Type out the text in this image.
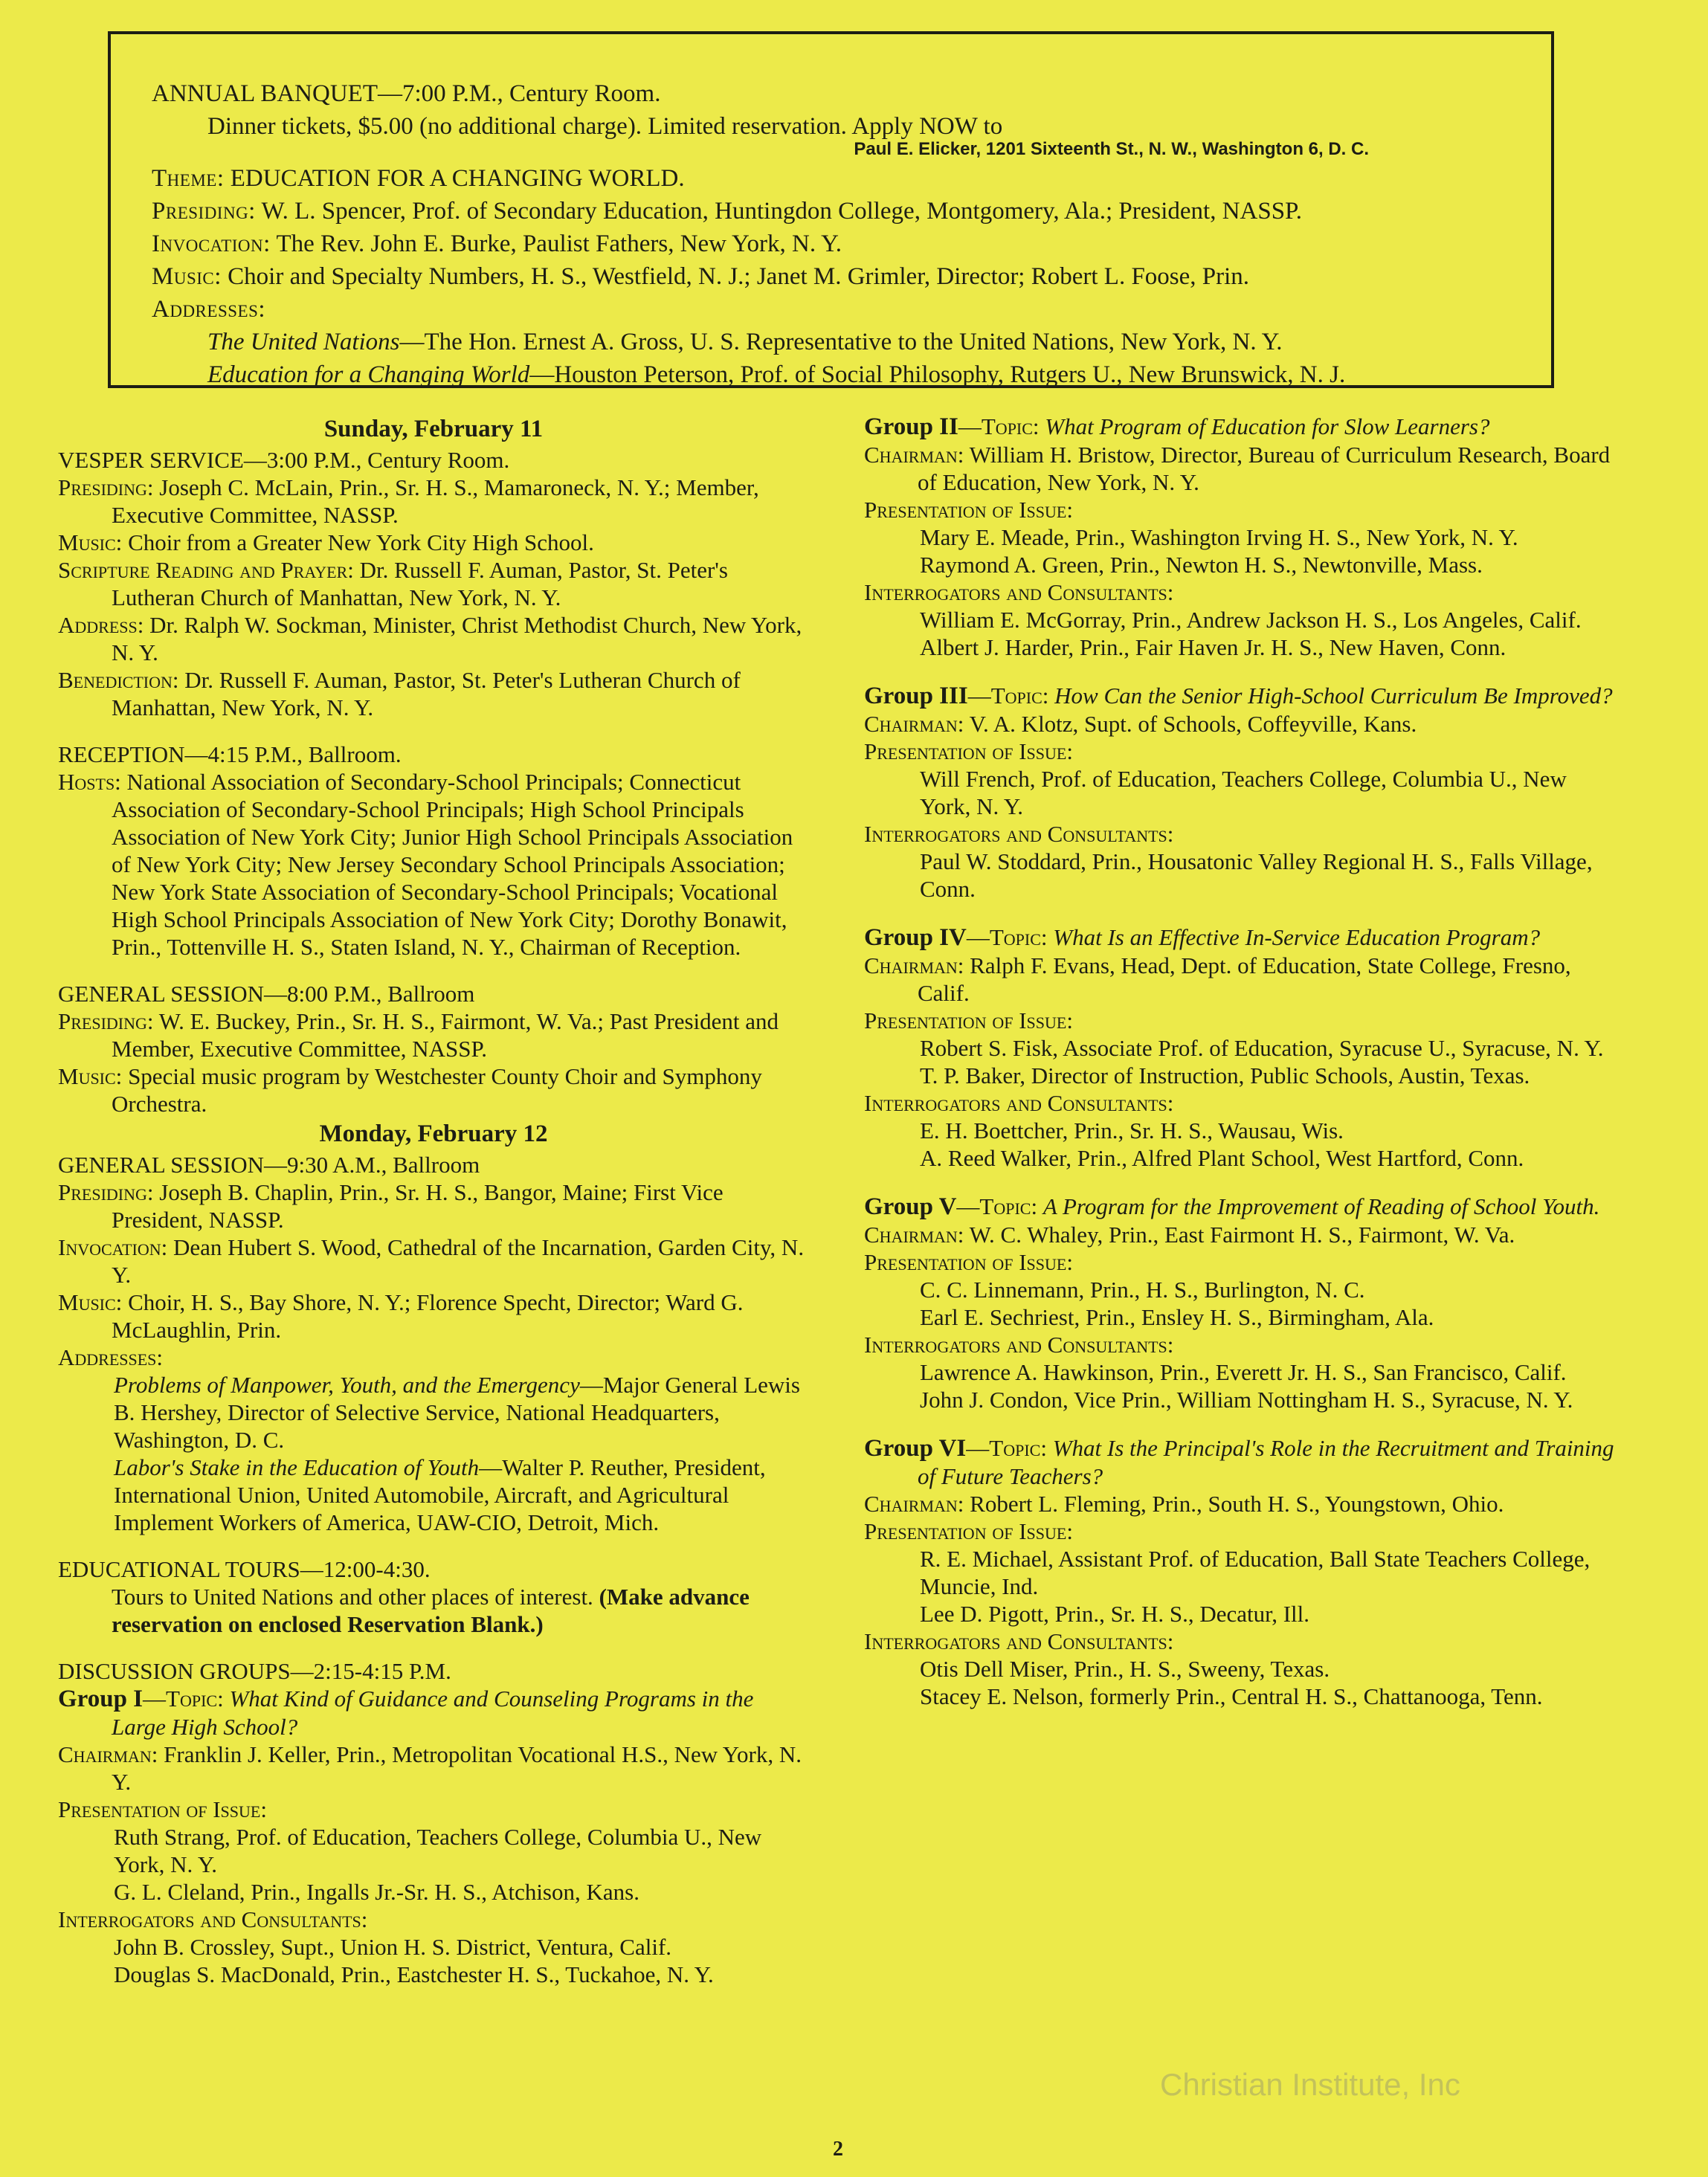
ANNUAL BANQUET—7:00 P.M., Century Room.
Dinner tickets, $5.00 (no additional charge). Limited reservation. Apply NOW to
Paul E. Elicker, 1201 Sixteenth St., N. W., Washington 6, D. C.
Theme: EDUCATION FOR A CHANGING WORLD.
Presiding: W. L. Spencer, Prof. of Secondary Education, Huntingdon College, Montgomery, Ala.; President, NASSP.
Invocation: The Rev. John E. Burke, Paulist Fathers, New York, N. Y.
Music: Choir and Specialty Numbers, H. S., Westfield, N. J.; Janet M. Grimler, Director; Robert L. Foose, Prin.
Addresses:
The United Nations—The Hon. Ernest A. Gross, U. S. Representative to the United Nations, New York, N. Y.
Education for a Changing World—Houston Peterson, Prof. of Social Philosophy, Rutgers U., New Brunswick, N. J.
Sunday, February 11
VESPER SERVICE—3:00 P.M., Century Room.
Presiding: Joseph C. McLain, Prin., Sr. H. S., Mamaroneck, N. Y.; Member, Executive Committee, NASSP.
Music: Choir from a Greater New York City High School.
Scripture Reading and Prayer: Dr. Russell F. Auman, Pastor, St. Peter's Lutheran Church of Manhattan, New York, N. Y.
Address: Dr. Ralph W. Sockman, Minister, Christ Methodist Church, New York, N. Y.
Benediction: Dr. Russell F. Auman, Pastor, St. Peter's Lutheran Church of Manhattan, New York, N. Y.
RECEPTION—4:15 P.M., Ballroom.
Hosts: National Association of Secondary-School Principals; Connecticut Association of Secondary-School Principals; High School Principals Association of New York City; Junior High School Principals Association of New York City; New Jersey Secondary School Principals Association; New York State Association of Secondary-School Principals; Vocational High School Principals Association of New York City; Dorothy Bonawit, Prin., Tottenville H. S., Staten Island, N. Y., Chairman of Reception.
GENERAL SESSION—8:00 P.M., Ballroom
Presiding: W. E. Buckey, Prin., Sr. H. S., Fairmont, W. Va.; Past President and Member, Executive Committee, NASSP.
Music: Special music program by Westchester County Choir and Symphony Orchestra.
Monday, February 12
GENERAL SESSION—9:30 A.M., Ballroom
Presiding: Joseph B. Chaplin, Prin., Sr. H. S., Bangor, Maine; First Vice President, NASSP.
Invocation: Dean Hubert S. Wood, Cathedral of the Incarnation, Garden City, N. Y.
Music: Choir, H. S., Bay Shore, N. Y.; Florence Specht, Director; Ward G. McLaughlin, Prin.
Addresses:
Problems of Manpower, Youth, and the Emergency—Major General Lewis B. Hershey, Director of Selective Service, National Headquarters, Washington, D. C.
Labor's Stake in the Education of Youth—Walter P. Reuther, President, International Union, United Automobile, Aircraft, and Agricultural Implement Workers of America, UAW-CIO, Detroit, Mich.
EDUCATIONAL TOURS—12:00-4:30.
Tours to United Nations and other places of interest. (Make advance reservation on enclosed Reservation Blank.)
DISCUSSION GROUPS—2:15-4:15 P.M.
Group I—Topic: What Kind of Guidance and Counseling Programs in the Large High School?
Chairman: Franklin J. Keller, Prin., Metropolitan Vocational H.S., New York, N. Y.
Presentation of Issue:
Ruth Strang, Prof. of Education, Teachers College, Columbia U., New York, N. Y.
G. L. Cleland, Prin., Ingalls Jr.-Sr. H. S., Atchison, Kans.
Interrogators and Consultants:
John B. Crossley, Supt., Union H. S. District, Ventura, Calif.
Douglas S. MacDonald, Prin., Eastchester H. S., Tuckahoe, N. Y.
Group II—Topic: What Program of Education for Slow Learners?
Chairman: William H. Bristow, Director, Bureau of Curriculum Research, Board of Education, New York, N. Y.
Presentation of Issue:
Mary E. Meade, Prin., Washington Irving H. S., New York, N. Y.
Raymond A. Green, Prin., Newton H. S., Newtonville, Mass.
Interrogators and Consultants:
William E. McGorray, Prin., Andrew Jackson H. S., Los Angeles, Calif.
Albert J. Harder, Prin., Fair Haven Jr. H. S., New Haven, Conn.
Group III—Topic: How Can the Senior High-School Curriculum Be Improved?
Chairman: V. A. Klotz, Supt. of Schools, Coffeyville, Kans.
Presentation of Issue:
Will French, Prof. of Education, Teachers College, Columbia U., New York, N. Y.
Interrogators and Consultants:
Paul W. Stoddard, Prin., Housatonic Valley Regional H. S., Falls Village, Conn.
Group IV—Topic: What Is an Effective In-Service Education Program?
Chairman: Ralph F. Evans, Head, Dept. of Education, State College, Fresno, Calif.
Presentation of Issue:
Robert S. Fisk, Associate Prof. of Education, Syracuse U., Syracuse, N. Y.
T. P. Baker, Director of Instruction, Public Schools, Austin, Texas.
Interrogators and Consultants:
E. H. Boettcher, Prin., Sr. H. S., Wausau, Wis.
A. Reed Walker, Prin., Alfred Plant School, West Hartford, Conn.
Group V—Topic: A Program for the Improvement of Reading of School Youth.
Chairman: W. C. Whaley, Prin., East Fairmont H. S., Fairmont, W. Va.
Presentation of Issue:
C. C. Linnemann, Prin., H. S., Burlington, N. C.
Earl E. Sechriest, Prin., Ensley H. S., Birmingham, Ala.
Interrogators and Consultants:
Lawrence A. Hawkinson, Prin., Everett Jr. H. S., San Francisco, Calif.
John J. Condon, Vice Prin., William Nottingham H. S., Syracuse, N. Y.
Group VI—Topic: What Is the Principal's Role in the Recruitment and Training of Future Teachers?
Chairman: Robert L. Fleming, Prin., South H. S., Youngstown, Ohio.
Presentation of Issue:
R. E. Michael, Assistant Prof. of Education, Ball State Teachers College, Muncie, Ind.
Lee D. Pigott, Prin., Sr. H. S., Decatur, Ill.
Interrogators and Consultants:
Otis Dell Miser, Prin., H. S., Sweeny, Texas.
Stacey E. Nelson, formerly Prin., Central H. S., Chattanooga, Tenn.
2
Christian Institute, Inc
